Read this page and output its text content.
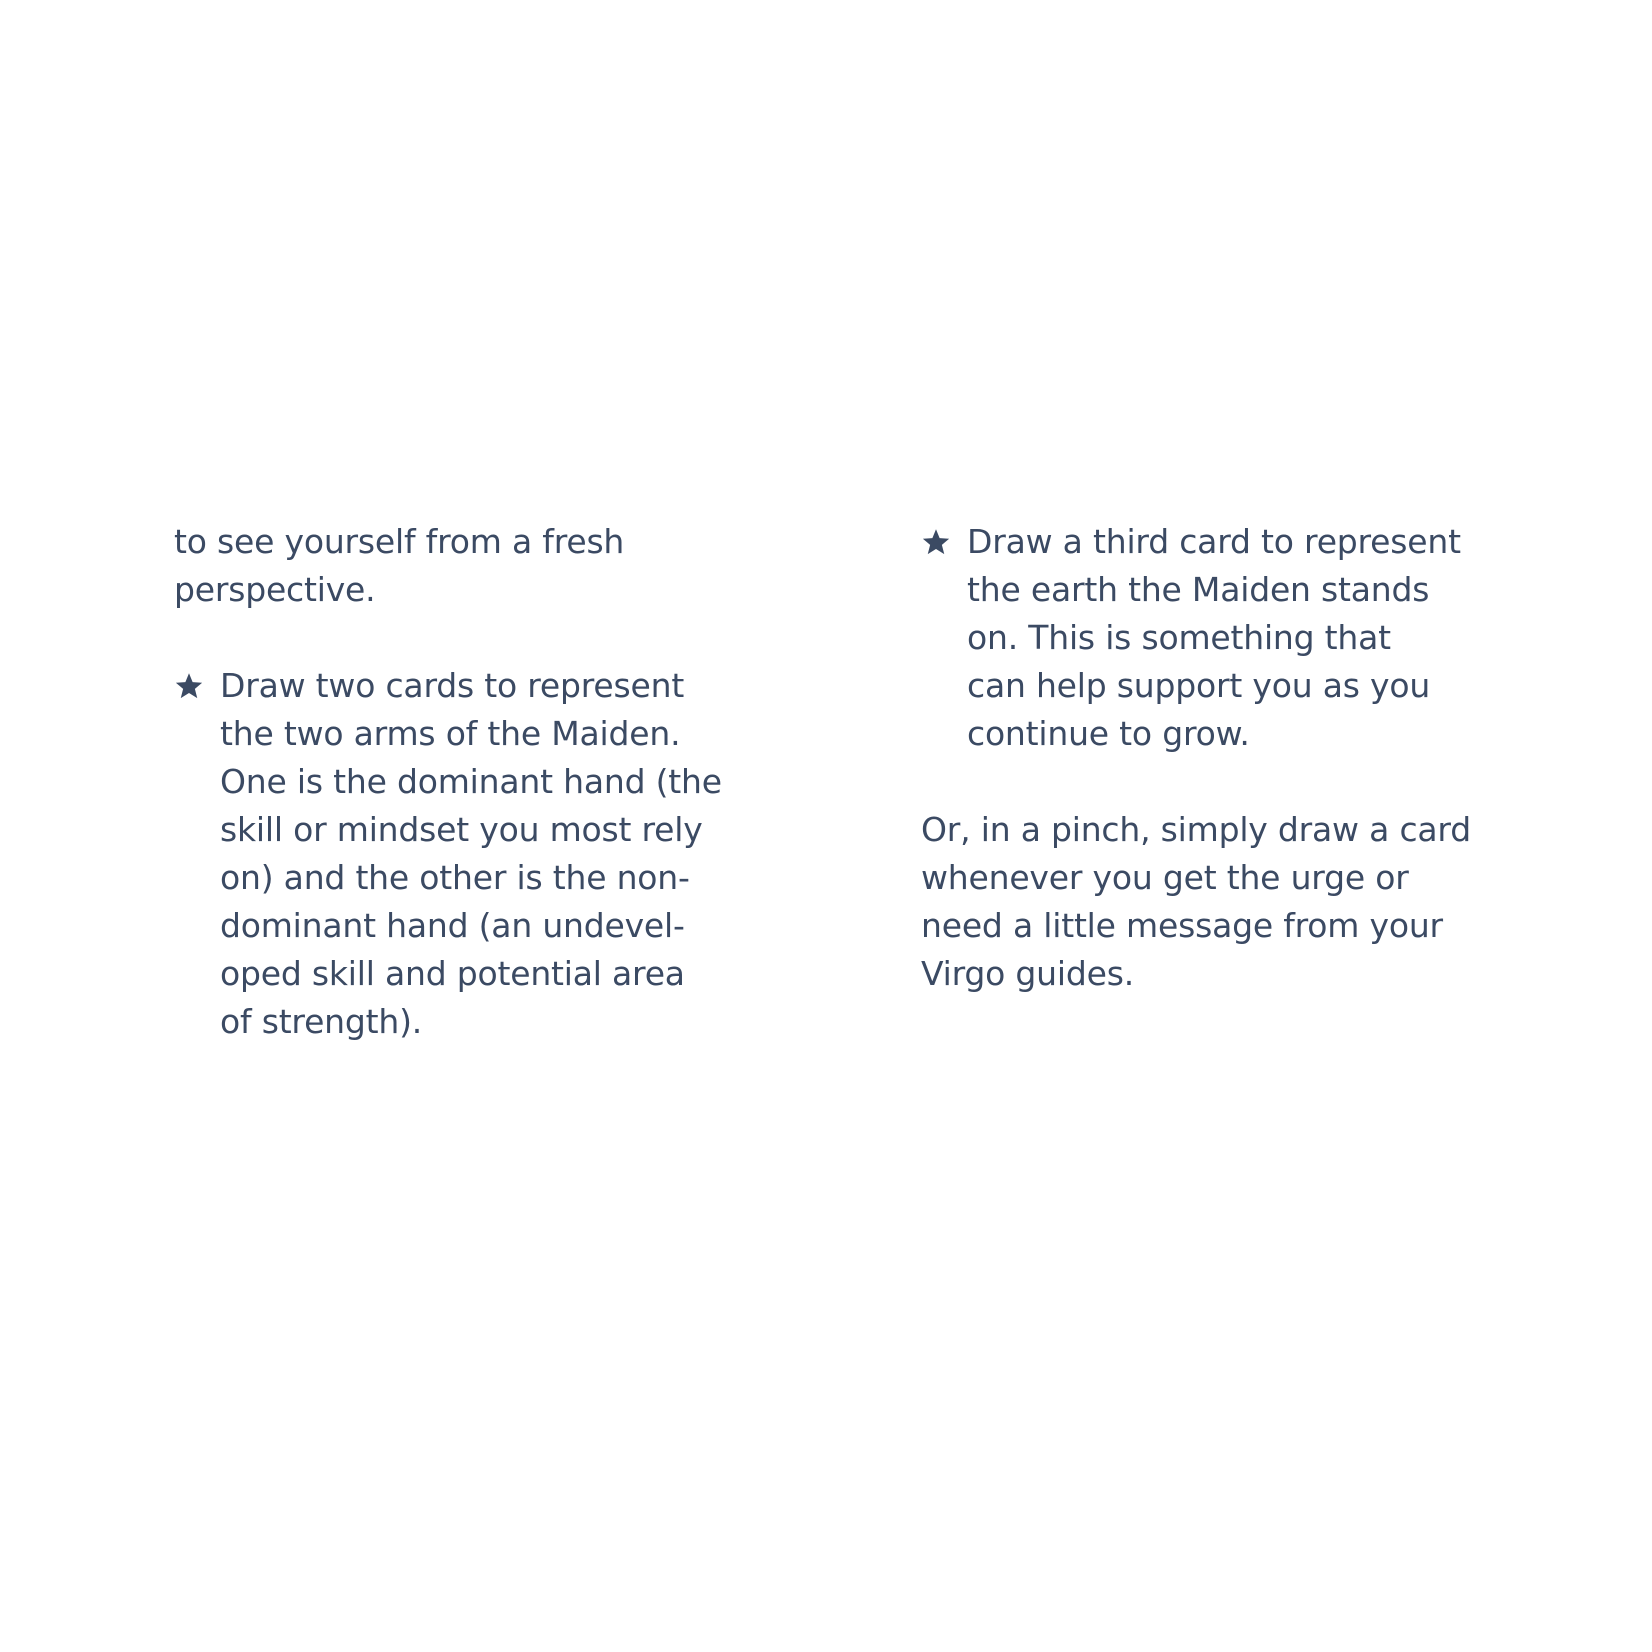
to see yourself from a fresh
perspective.
Draw two cards to represent
the two arms of the Maiden.
One is the dominant hand (the
skill or mindset you most rely
on) and the other is the non-
dominant hand (an undevel-
oped skill and potential area
of strength).
Draw a third card to represent
the earth the Maiden stands
on. This is something that
can help support you as you
continue to grow.
Or, in a pinch, simply draw a card
whenever you get the urge or
need a little message from your
Virgo guides.
